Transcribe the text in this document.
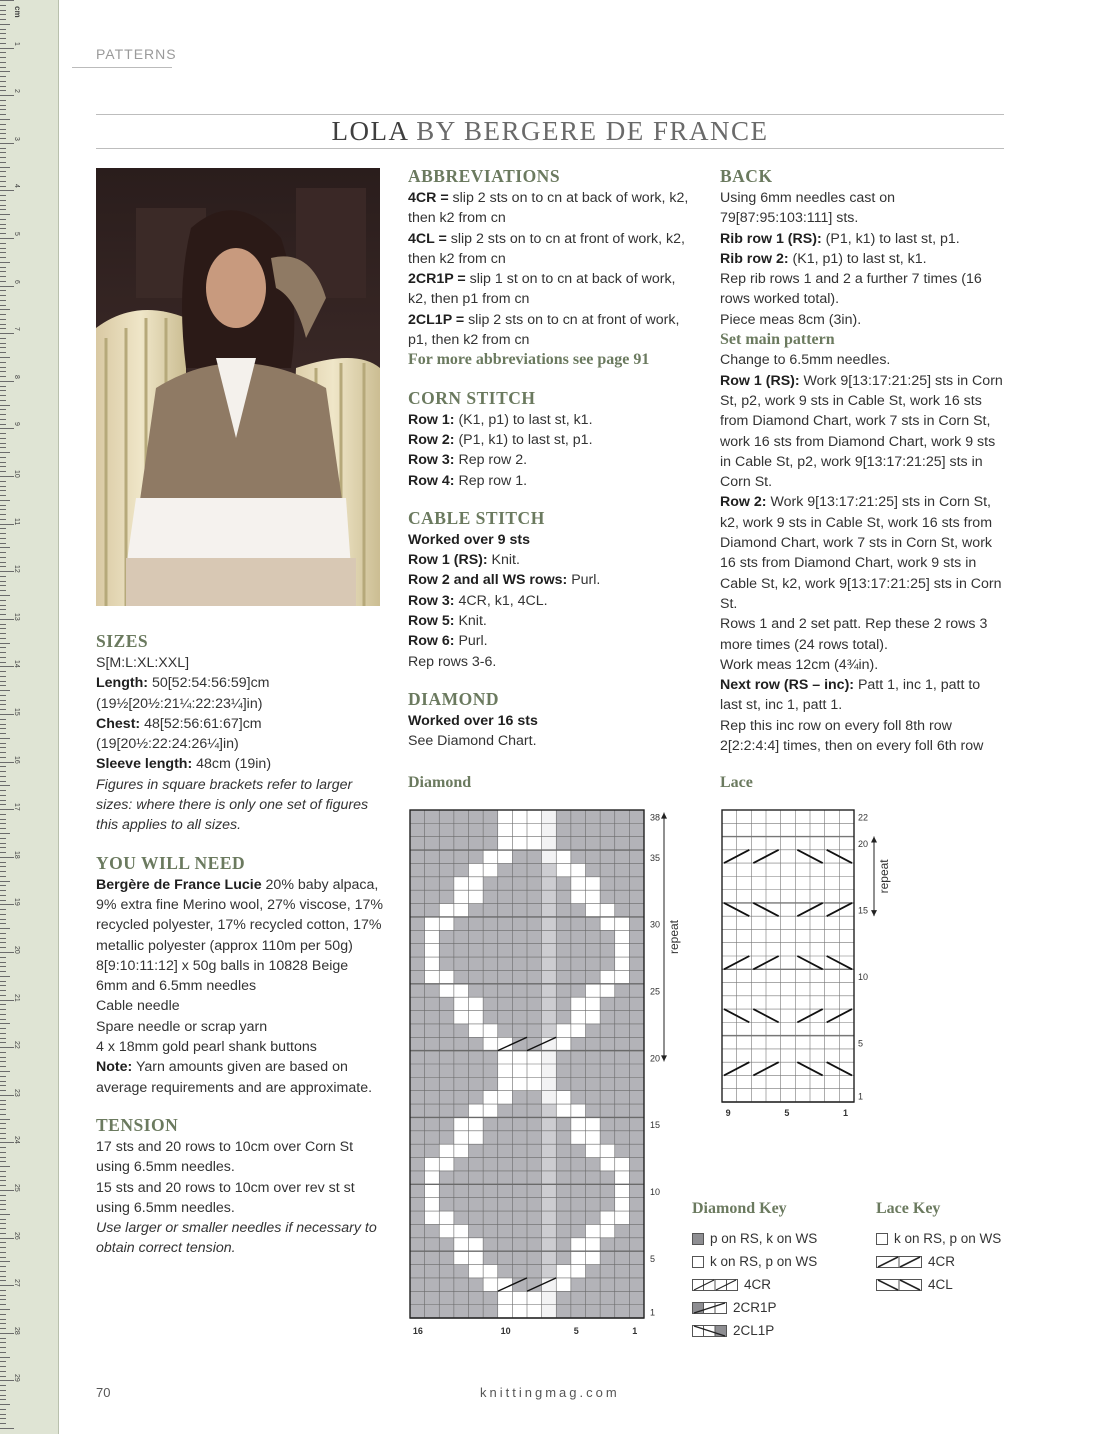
cm
1
2
3
4
5
6
7
8
9
10
11
12
13
14
15
16
17
18
19
20
21
22
23
24
25
26
27
28
29
PATTERNS
LOLA BY BERGERE DE FRANCE
SIZES
S[M:L:XL:XXL]
Length: 50[52:54:56:59]cm
(19½[20½:21¼:22:23¼]in)
Chest: 48[52:56:61:67]cm
(19[20½:22:24:26¼]in)
Sleeve length: 48cm (19in)
Figures in square brackets refer to larger sizes: where there is only one set of figures this applies to all sizes.
YOU WILL NEED
Bergère de France Lucie 20% baby alpaca, 9% extra fine Merino wool, 27% viscose, 17% recycled polyester, 17% recycled cotton, 17% metallic polyester (approx 110m per 50g)
8[9:10:11:12] x 50g balls in 10828 Beige
6mm and 6.5mm needles
Cable needle
Spare needle or scrap yarn
4 x 18mm gold pearl shank buttons
Note: Yarn amounts given are based on average requirements and are approximate.
TENSION
17 sts and 20 rows to 10cm over Corn St using 6.5mm needles.
15 sts and 20 rows to 10cm over rev st st using 6.5mm needles.
Use larger or smaller needles if necessary to obtain correct tension.
ABBREVIATIONS
4CR = slip 2 sts on to cn at back of work, k2, then k2 from cn
4CL = slip 2 sts on to cn at front of work, k2, then k2 from cn
2CR1P = slip 1 st on to cn at back of work, k2, then p1 from cn
2CL1P = slip 2 sts on to cn at front of work, p1, then k2 from cn
For more abbreviations see page 91
CORN STITCH
Row 1: (K1, p1) to last st, k1.
Row 2: (P1, k1) to last st, p1.
Row 3: Rep row 2.
Row 4: Rep row 1.
CABLE STITCH
Worked over 9 sts
Row 1 (RS): Knit.
Row 2 and all WS rows: Purl.
Row 3: 4CR, k1, 4CL.
Row 5: Knit.
Row 6: Purl.
Rep rows 3-6.
DIAMOND
Worked over 16 sts
See Diamond Chart.
BACK
Using 6mm needles cast on 79[87:95:103:111] sts.
Rib row 1 (RS): (P1, k1) to last st, p1.
Rib row 2: (K1, p1) to last st, k1.
Rep rib rows 1 and 2 a further 7 times (16 rows worked total).
Piece meas 8cm (3in).
Set main pattern
Change to 6.5mm needles.
Row 1 (RS): Work 9[13:17:21:25] sts in Corn St, p2, work 9 sts in Cable St, work 16 sts from Diamond Chart, work 7 sts in Corn St, work 16 sts from Diamond Chart, work 9 sts in Cable St, p2, work 9[13:17:21:25] sts in Corn St.
Row 2: Work 9[13:17:21:25] sts in Corn St, k2, work 9 sts in Cable St, work 16 sts from Diamond Chart, work 7 sts in Corn St, work 16 sts from Diamond Chart, work 9 sts in Cable St, k2, work 9[13:17:21:25] sts in Corn St.
Rows 1 and 2 set patt. Rep these 2 rows 3 more times (24 rows total).
Work meas 12cm (4¾in).
Next row (RS – inc): Patt 1, inc 1, patt to last st, inc 1, patt 1.
Rep this inc row on every foll 8th row 2[2:2:4:4] times, then on every foll 6th row
Diamond
1
5
10
15
20
25
30
35
38
16	10	5	1
repeat
Lace
1
5
10
15
20
22
9	5	1
repeat
Diamond Key
p on RS, k on WS
k on RS, p on WS
4CR
2CR1P
2CL1P
Lace Key
k on RS, p on WS
4CR
4CL
70	knittingmag.com
